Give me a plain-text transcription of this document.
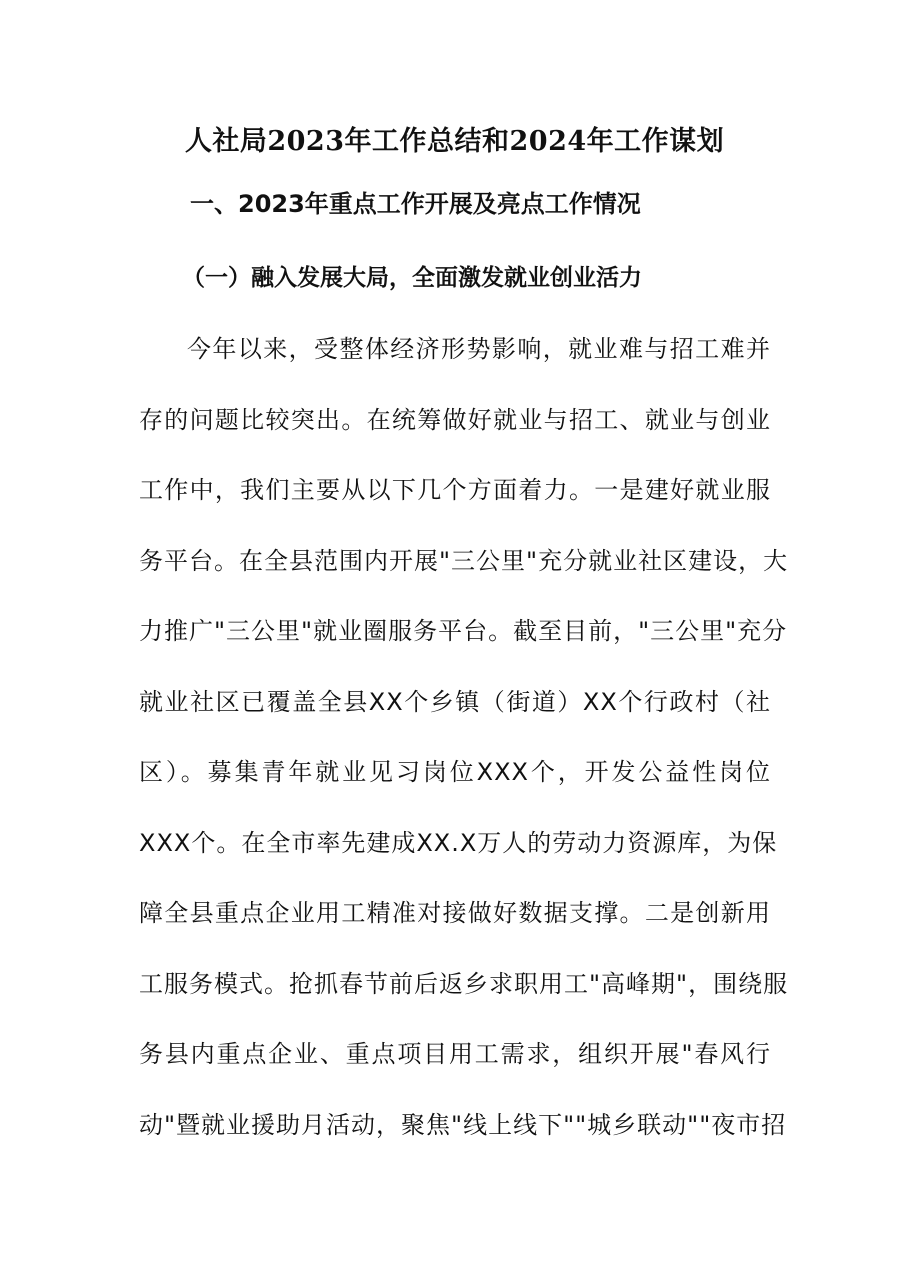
人社局2023年工作总结和2024年工作谋划
一、2023年重点工作开展及亮点工作情况
（一）融入发展大局，全面激发就业创业活力
今年以来，受整体经济形势影响，就业难与招工难并
存的问题比较突出。在统筹做好就业与招工、就业与创业
工作中，我们主要从以下几个方面着力。一是建好就业服
务平台。在全县范围内开展"三公里"充分就业社区建设，大
力推广"三公里"就业圈服务平台。截至目前，"三公里"充分
就业社区已覆盖全县XX个乡镇（街道）XX个行政村（社
区）。募集青年就业见习岗位XXX个，开发公益性岗位
XXX个。在全市率先建成XX.X万人的劳动力资源库，为保
障全县重点企业用工精准对接做好数据支撑。二是创新用
工服务模式。抢抓春节前后返乡求职用工"高峰期"，围绕服
务县内重点企业、重点项目用工需求，组织开展"春风行
动"暨就业援助月活动，聚焦"线上线下""城乡联动""夜市招
